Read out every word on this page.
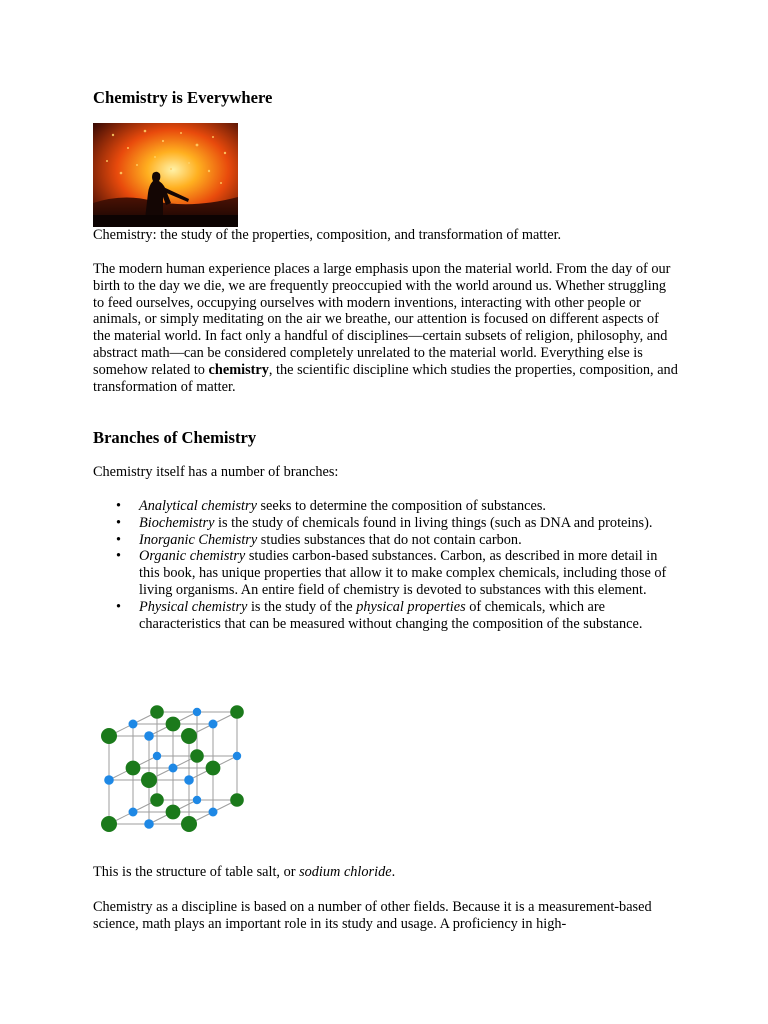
Chemistry is Everywhere

Chemistry: the study of the properties, composition, and transformation of matter.

The modern human experience places a large emphasis upon the material world. From the day of our birth to the day we die, we are frequently preoccupied with the world around us. Whether struggling to feed ourselves, occupying ourselves with modern inventions, interacting with other people or animals, or simply meditating on the air we breathe, our attention is focused on different aspects of the material world. In fact only a handful of disciplines—certain subsets of religion, philosophy, and abstract math—can be considered completely unrelated to the material world. Everything else is somehow related to chemistry, the scientific discipline which studies the properties, composition, and transformation of matter.

Branches of Chemistry

Chemistry itself has a number of branches:

• Analytical chemistry seeks to determine the composition of substances.
• Biochemistry is the study of chemicals found in living things (such as DNA and proteins).
• Inorganic Chemistry studies substances that do not contain carbon.
• Organic chemistry studies carbon-based substances. Carbon, as described in more detail in this book, has unique properties that allow it to make complex chemicals, including those of living organisms. An entire field of chemistry is devoted to substances with this element.
• Physical chemistry is the study of the physical properties of chemicals, which are characteristics that can be measured without changing the composition of the substance.

This is the structure of table salt, or sodium chloride.

Chemistry as a discipline is based on a number of other fields. Because it is a measurement-based science, math plays an important role in its study and usage. A proficiency in high-
